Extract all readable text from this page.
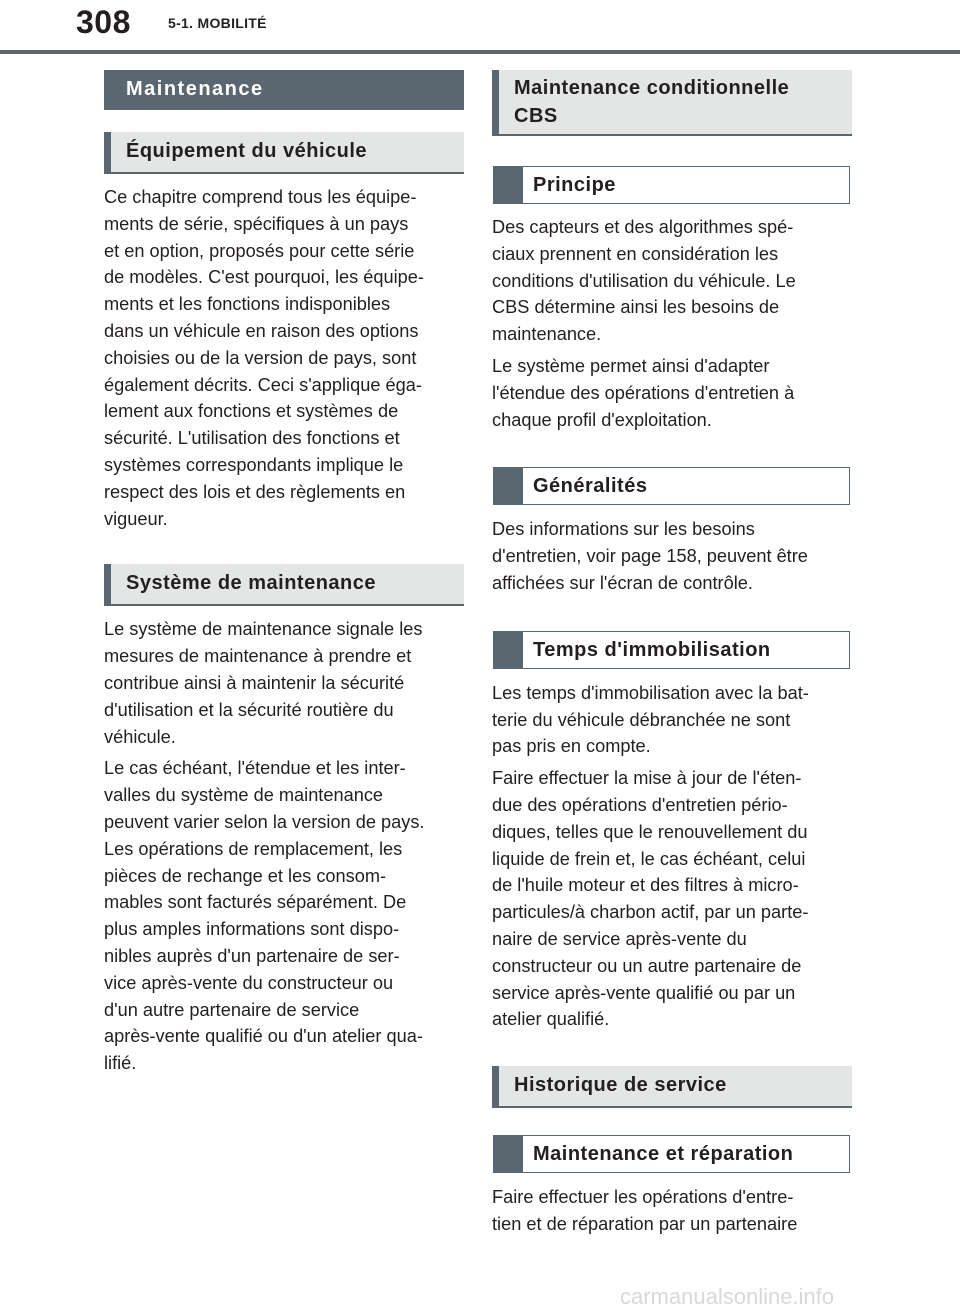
308	5-1. MOBILITÉ
Maintenance
Équipement du véhicule

Ce chapitre comprend tous les équipe-
ments de série, spécifiques à un pays
et en option, proposés pour cette série
de modèles. C'est pourquoi, les équipe-
ments et les fonctions indisponibles
dans un véhicule en raison des options
choisies ou de la version de pays, sont
également décrits. Ceci s'applique éga-
lement aux fonctions et systèmes de
sécurité. L'utilisation des fonctions et
systèmes correspondants implique le
respect des lois et des règlements en
vigueur.

Système de maintenance

Le système de maintenance signale les
mesures de maintenance à prendre et
contribue ainsi à maintenir la sécurité
d'utilisation et la sécurité routière du
véhicule.

Le cas échéant, l'étendue et les inter-
valles du système de maintenance
peuvent varier selon la version de pays.
Les opérations de remplacement, les
pièces de rechange et les consom-
mables sont facturés séparément. De
plus amples informations sont dispo-
nibles auprès d'un partenaire de ser-
vice après-vente du constructeur ou
d'un autre partenaire de service
après-vente qualifié ou d'un atelier qua-
lifié.

Maintenance conditionnelle
CBS
Principe

Des capteurs et des algorithmes spé-
ciaux prennent en considération les
conditions d'utilisation du véhicule. Le
CBS détermine ainsi les besoins de
maintenance.

Le système permet ainsi d'adapter
l'étendue des opérations d'entretien à
chaque profil d'exploitation.

Généralités

Des informations sur les besoins
d'entretien, voir page 158, peuvent être
affichées sur l'écran de contrôle.

Temps d'immobilisation

Les temps d'immobilisation avec la bat-
terie du véhicule débranchée ne sont
pas pris en compte.

Faire effectuer la mise à jour de l'éten-
due des opérations d'entretien pério-
diques, telles que le renouvellement du
liquide de frein et, le cas échéant, celui
de l'huile moteur et des filtres à micro-
particules/à charbon actif, par un parte-
naire de service après-vente du
constructeur ou un autre partenaire de
service après-vente qualifié ou par un
atelier qualifié.

Historique de service
Maintenance et réparation

Faire effectuer les opérations d'entre-
tien et de réparation par un partenaire

carmanualsonline.info
